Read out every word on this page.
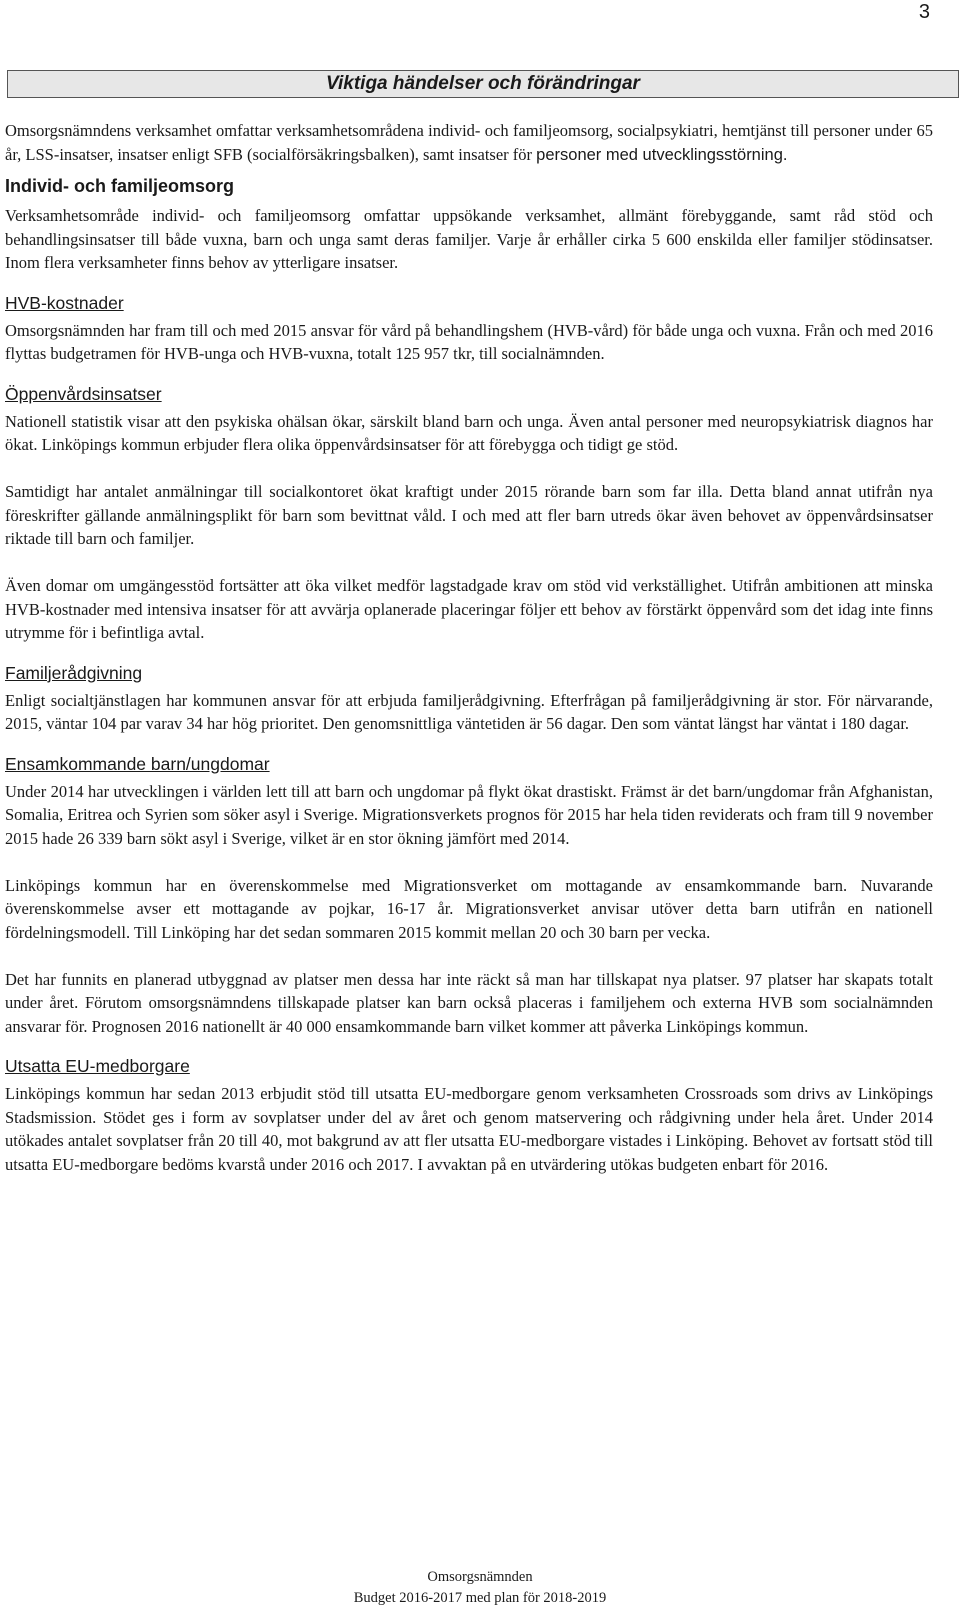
3
Viktiga händelser och förändringar

Omsorgsnämndens verksamhet omfattar verksamhetsområdena individ- och familjeomsorg, socialpsykiatri, hemtjänst till personer under 65 år, LSS-insatser, insatser enligt SFB (socialförsäkringsbalken), samt insatser för personer med utvecklingsstörning.

Individ- och familjeomsorg

Verksamhetsområde individ- och familjeomsorg omfattar uppsökande verksamhet, allmänt förebyggande, samt råd stöd och behandlingsinsatser till både vuxna, barn och unga samt deras familjer. Varje år erhåller cirka 5 600 enskilda eller familjer stödinsatser. Inom flera verksamheter finns behov av ytterligare insatser.

HVB-kostnader

Omsorgsnämnden har fram till och med 2015 ansvar för vård på behandlingshem (HVB-vård) för både unga och vuxna. Från och med 2016 flyttas budgetramen för HVB-unga och HVB-vuxna, totalt 125 957 tkr, till socialnämnden.

Öppenvårdsinsatser

Nationell statistik visar att den psykiska ohälsan ökar, särskilt bland barn och unga. Även antal personer med neuropsykiatrisk diagnos har ökat. Linköpings kommun erbjuder flera olika öppenvårdsinsatser för att förebygga och tidigt ge stöd.

Samtidigt har antalet anmälningar till socialkontoret ökat kraftigt under 2015 rörande barn som far illa. Detta bland annat utifrån nya föreskrifter gällande anmälningsplikt för barn som bevittnat våld. I och med att fler barn utreds ökar även behovet av öppenvårdsinsatser riktade till barn och familjer.

Även domar om umgängesstöd fortsätter att öka vilket medför lagstadgade krav om stöd vid verkställighet. Utifrån ambitionen att minska HVB-kostnader med intensiva insatser för att avvärja oplanerade placeringar följer ett behov av förstärkt öppenvård som det idag inte finns utrymme för i befintliga avtal.

Familjerådgivning

Enligt socialtjänstlagen har kommunen ansvar för att erbjuda familjerådgivning. Efterfrågan på familjerådgivning är stor. För närvarande, 2015, väntar 104 par varav 34 har hög prioritet. Den genomsnittliga väntetiden är 56 dagar. Den som väntat längst har väntat i 180 dagar.

Ensamkommande barn/ungdomar

Under 2014 har utvecklingen i världen lett till att barn och ungdomar på flykt ökat drastiskt. Främst är det barn/ungdomar från Afghanistan, Somalia, Eritrea och Syrien som söker asyl i Sverige. Migrationsverkets prognos för 2015 har hela tiden reviderats och fram till 9 november 2015 hade 26 339 barn sökt asyl i Sverige, vilket är en stor ökning jämfört med 2014.

Linköpings kommun har en överenskommelse med Migrationsverket om mottagande av ensamkommande barn. Nuvarande överenskommelse avser ett mottagande av pojkar, 16-17 år. Migrationsverket anvisar utöver detta barn utifrån en nationell fördelningsmodell. Till Linköping har det sedan sommaren 2015 kommit mellan 20 och 30 barn per vecka.

Det har funnits en planerad utbyggnad av platser men dessa har inte räckt så man har tillskapat nya platser. 97 platser har skapats totalt under året. Förutom omsorgsnämndens tillskapade platser kan barn också placeras i familjehem och externa HVB som socialnämnden ansvarar för. Prognosen 2016 nationellt är 40 000 ensamkommande barn vilket kommer att påverka Linköpings kommun.

Utsatta EU-medborgare

Linköpings kommun har sedan 2013 erbjudit stöd till utsatta EU-medborgare genom verksamheten Crossroads som drivs av Linköpings Stadsmission. Stödet ges i form av sovplatser under del av året och genom matservering och rådgivning under hela året. Under 2014 utökades antalet sovplatser från 20 till 40, mot bakgrund av att fler utsatta EU-medborgare vistades i Linköping. Behovet av fortsatt stöd till utsatta EU-medborgare bedöms kvarstå under 2016 och 2017. I avvaktan på en utvärdering utökas budgeten enbart för 2016.

Omsorgsnämnden
Budget 2016-2017 med plan för 2018-2019
